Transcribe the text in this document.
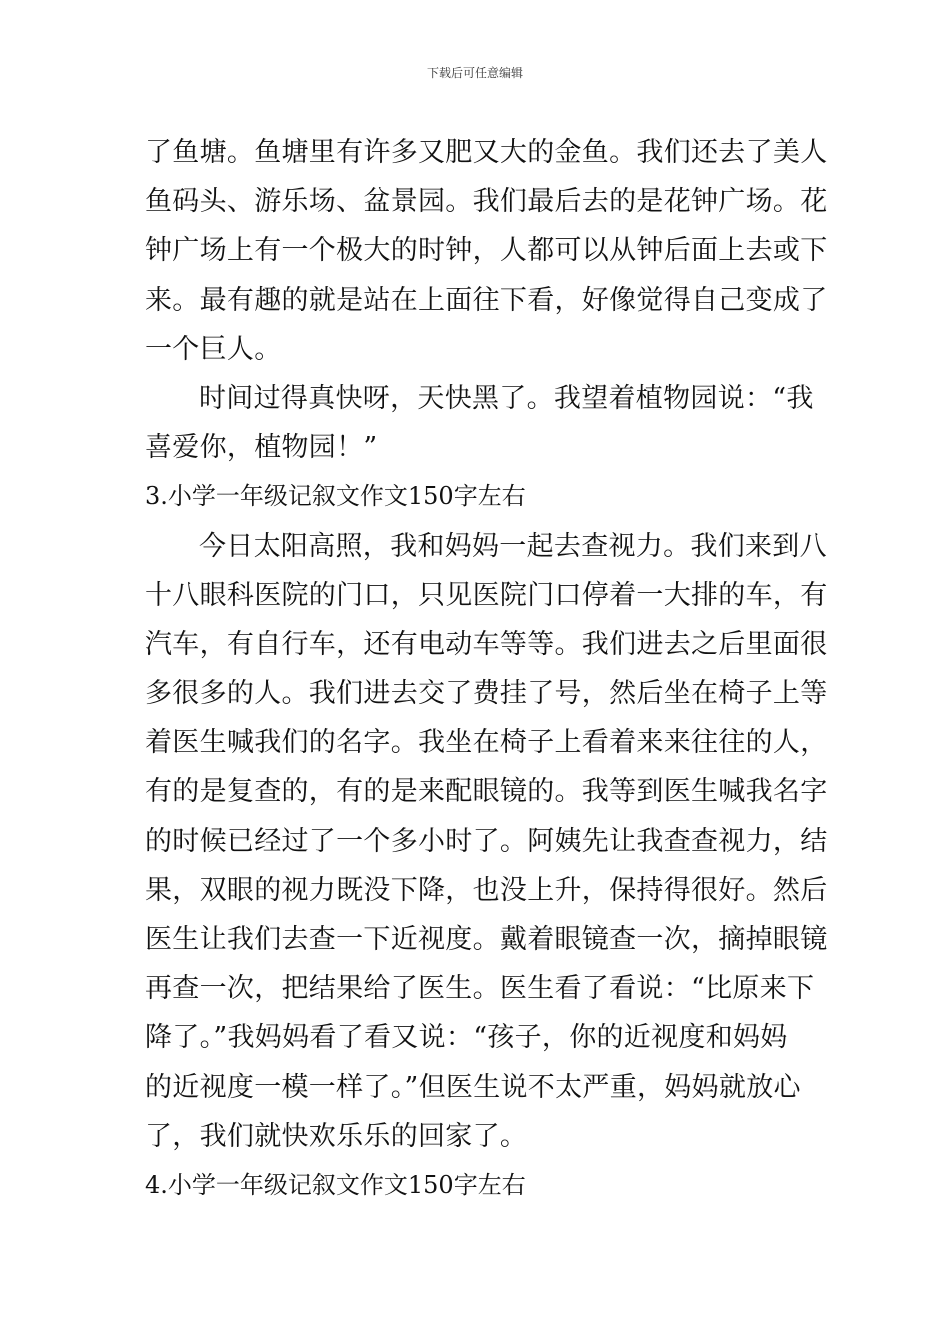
下载后可任意编辑
了鱼塘。鱼塘里有许多又肥又大的金鱼。我们还去了美人
鱼码头、游乐场、盆景园。我们最后去的是花钟广场。花
钟广场上有一个极大的时钟，人都可以从钟后面上去或下
来。最有趣的就是站在上面往下看，好像觉得自己变成了
一个巨人。
时间过得真快呀，天快黑了。我望着植物园说：“我
喜爱你，植物园！”
3.小学一年级记叙文作文150字左右
今日太阳高照，我和妈妈一起去查视力。我们来到八
十八眼科医院的门口，只见医院门口停着一大排的车，有
汽车，有自行车，还有电动车等等。我们进去之后里面很
多很多的人。我们进去交了费挂了号，然后坐在椅子上等
着医生喊我们的名字。我坐在椅子上看着来来往往的人，
有的是复查的，有的是来配眼镜的。我等到医生喊我名字
的时候已经过了一个多小时了。阿姨先让我查查视力，结
果，双眼的视力既没下降，也没上升，保持得很好。然后
医生让我们去查一下近视度。戴着眼镜查一次，摘掉眼镜
再查一次，把结果给了医生。医生看了看说：“比原来下
降了。”我妈妈看了看又说：“孩子，你的近视度和妈妈
的近视度一模一样了。”但医生说不太严重，妈妈就放心
了，我们就快欢乐乐的回家了。
4.小学一年级记叙文作文150字左右
